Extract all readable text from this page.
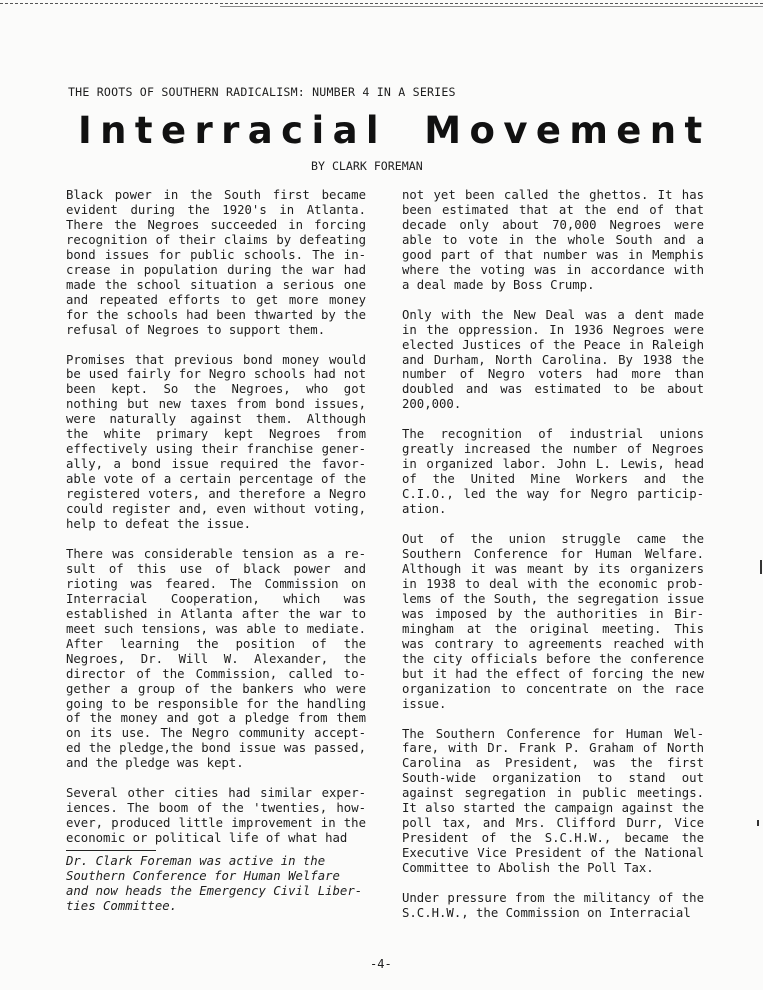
THE ROOTS OF SOUTHERN RADICALISM: NUMBER 4 IN A SERIES
Interracial Movement
BY CLARK FOREMAN

Black power in the South first became evident during the 1920's in Atlanta. There the Negroes succeeded in forcing recognition of their claims by defeating bond issues for public schools. The in- crease in population during the war had made the school situation a serious one and repeated efforts to get more money for the schools had been thwarted by the refusal of Negroes to support them.

Promises that previous bond money would be used fairly for Negro schools had not been kept. So the Negroes, who got nothing but new taxes from bond issues, were naturally against them. Although the white primary kept Negroes from effectively using their franchise gener- ally, a bond issue required the favor- able vote of a certain percentage of the registered voters, and therefore a Negro could register and, even without voting, help to defeat the issue.

There was considerable tension as a re- sult of this use of black power and rioting was feared. The Commission on Interracial Cooperation, which was established in Atlanta after the war to meet such tensions, was able to mediate. After learning the position of the Negroes, Dr. Will W. Alexander, the director of the Commission, called to- gether a group of the bankers who were going to be responsible for the handling of the money and got a pledge from them on its use. The Negro community accept- ed the pledge,the bond issue was passed, and the pledge was kept.

Several other cities had similar exper- iences. The boom of the 'twenties, how- ever, produced little improvement in the economic or political life of what had

Dr. Clark Foreman was active in the Southern Conference for Human Welfare and now heads the Emergency Civil Liber- ties Committee.

not yet been called the ghettos. It has been estimated that at the end of that decade only about 70,000 Negroes were able to vote in the whole South and a good part of that number was in Memphis where the voting was in accordance with a deal made by Boss Crump.

Only with the New Deal was a dent made in the oppression. In 1936 Negroes were elected Justices of the Peace in Raleigh and Durham, North Carolina. By 1938 the number of Negro voters had more than doubled and was estimated to be about 200,000.

The recognition of industrial unions greatly increased the number of Negroes in organized labor. John L. Lewis, head of the United Mine Workers and the C.I.O., led the way for Negro particip- ation.

Out of the union struggle came the Southern Conference for Human Welfare. Although it was meant by its organizers in 1938 to deal with the economic prob- lems of the South, the segregation issue was imposed by the authorities in Bir- mingham at the original meeting. This was contrary to agreements reached with the city officials before the conference but it had the effect of forcing the new organization to concentrate on the race issue.

The Southern Conference for Human Wel- fare, with Dr. Frank P. Graham of North Carolina as President, was the first South-wide organization to stand out against segregation in public meetings. It also started the campaign against the poll tax, and Mrs. Clifford Durr, Vice President of the S.C.H.W., became the Executive Vice President of the National Committee to Abolish the Poll Tax.

Under pressure from the militancy of the S.C.H.W., the Commission on Interracial

-4-
